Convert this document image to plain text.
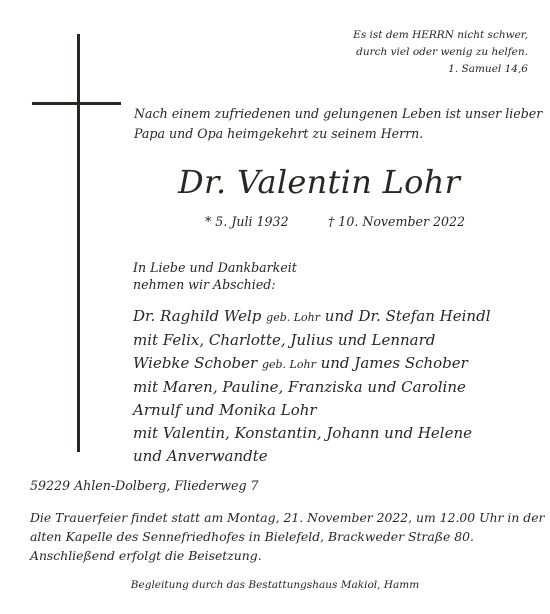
Es ist dem HERRN nicht schwer,
durch viel oder wenig zu helfen.
1. Samuel 14,6
Nach einem zufriedenen und gelungenen Leben ist unser lieber
Papa und Opa heimgekehrt zu seinem Herrn.
Dr. Valentin Lohr
* 5. Juli 1932	† 10. November 2022
In Liebe und Dankbarkeit
nehmen wir Abschied:
Dr. Raghild Welp geb. Lohr und Dr. Stefan Heindl
mit Felix, Charlotte, Julius und Lennard
Wiebke Schober geb. Lohr und James Schober
mit Maren, Pauline, Franziska und Caroline
Arnulf und Monika Lohr
mit Valentin, Konstantin, Johann und Helene
und Anverwandte
59229 Ahlen-Dolberg, Fliederweg 7
Die Trauerfeier findet statt am Montag, 21. November 2022, um 12.00 Uhr in der
alten Kapelle des Sennefriedhofes in Bielefeld, Brackweder Straße 80.
Anschließend erfolgt die Beisetzung.
Begleitung durch das Bestattungshaus Makiol, Hamm
